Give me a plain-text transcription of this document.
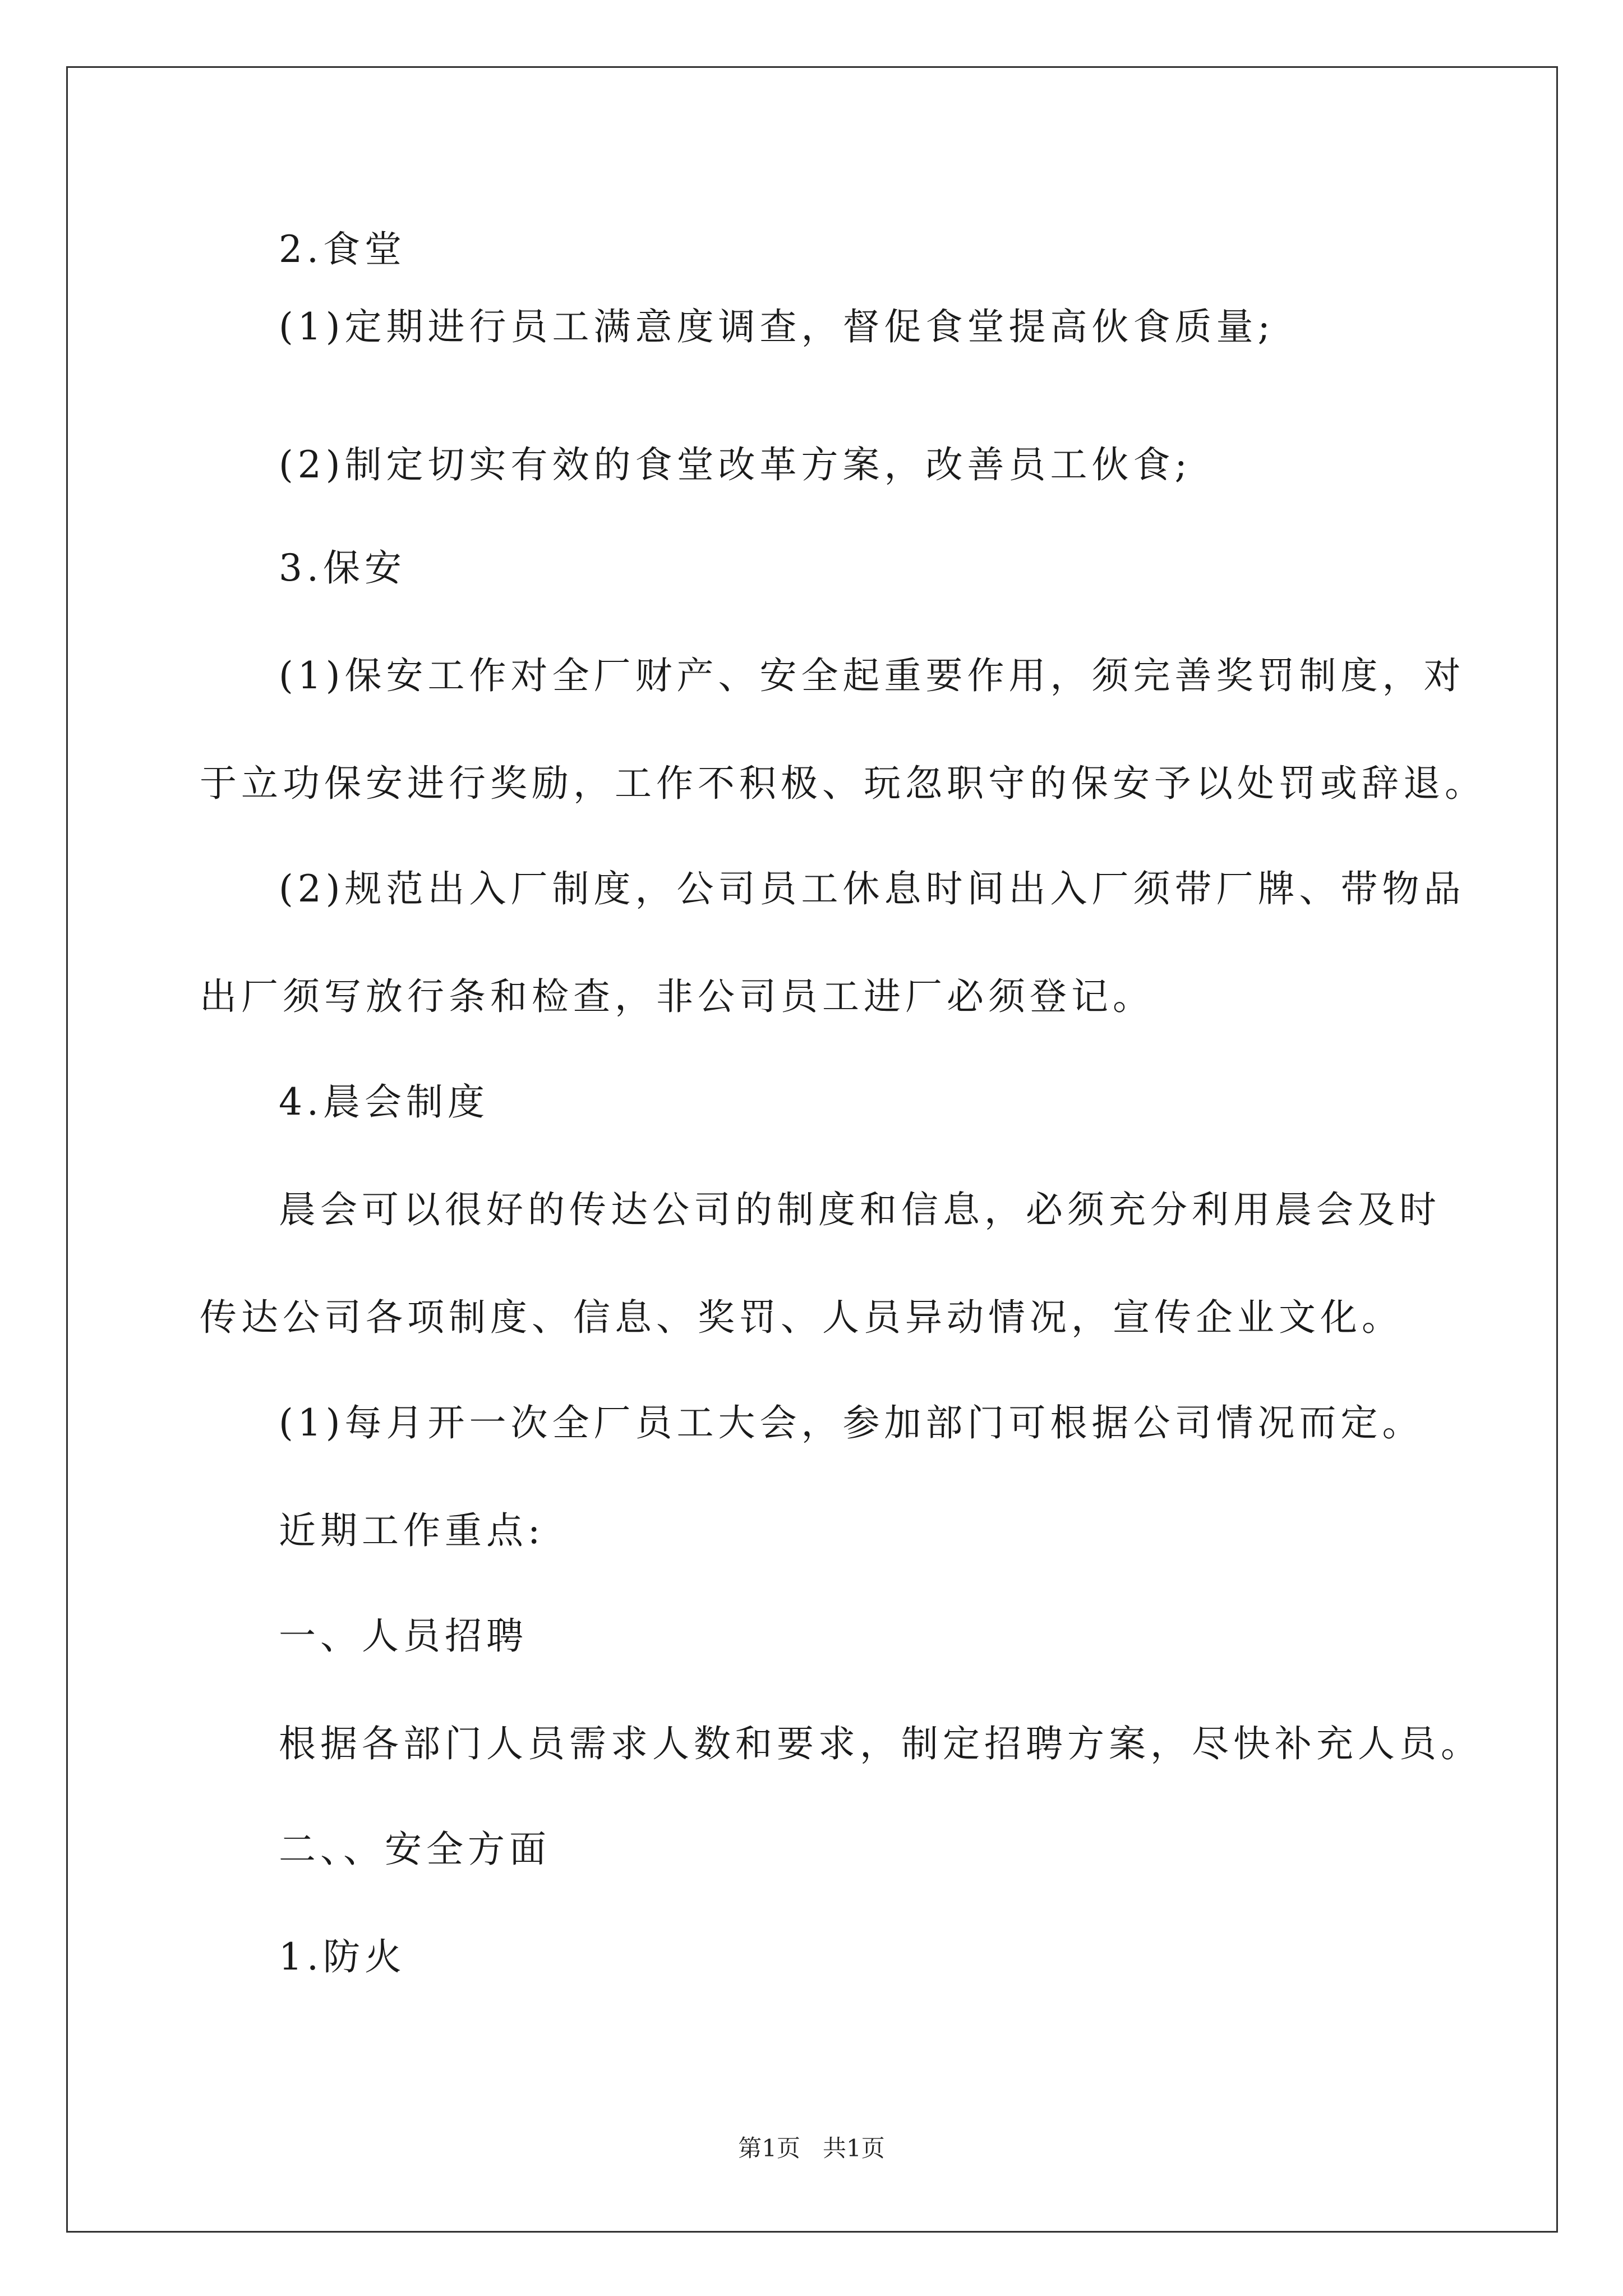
2.食堂
(1)定期进行员工满意度调查，督促食堂提高伙食质量;
(2)制定切实有效的食堂改革方案，改善员工伙食;
3.保安
(1)保安工作对全厂财产、安全起重要作用，须完善奖罚制度，对
于立功保安进行奖励，工作不积极、玩忽职守的保安予以处罚或辞退。
(2)规范出入厂制度，公司员工休息时间出入厂须带厂牌、带物品
出厂须写放行条和检查，非公司员工进厂必须登记。
4.晨会制度
晨会可以很好的传达公司的制度和信息，必须充分利用晨会及时
传达公司各项制度、信息、奖罚、人员异动情况，宣传企业文化。
(1)每月开一次全厂员工大会，参加部门可根据公司情况而定。
近期工作重点:
一、人员招聘
根据各部门人员需求人数和要求，制定招聘方案，尽快补充人员。
二、、安全方面
1.防火
第1页 共1页
